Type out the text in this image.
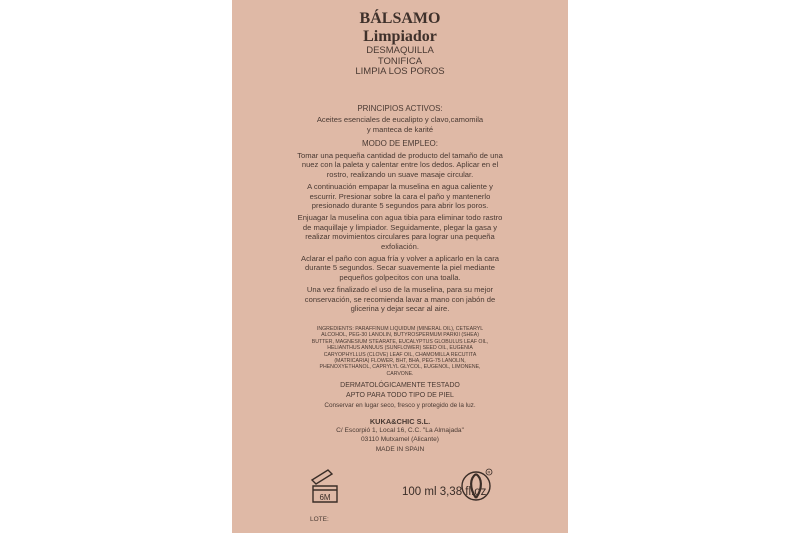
BÁLSAMO
Limpiador
DESMAQUILLA
TONIFICA
LIMPIA LOS POROS
PRINCIPIOS ACTIVOS:
Aceites esenciales de eucalipto y clavo,camomila
y manteca de karité
MODO DE EMPLEO:

Tomar una pequeña cantidad de producto del tamaño de una nuez con la paleta y calentar entre los dedos. Aplicar en el rostro, realizando un suave masaje circular.

A continuación empapar la muselina en agua caliente y escurrir. Presionar sobre la cara el paño y mantenerlo presionado durante 5 segundos para abrir los poros.

Enjuagar la muselina con agua tibia para eliminar todo rastro de maquillaje y limpiador. Seguidamente, plegar la gasa y realizar movimientos circulares para lograr una pequeña exfoliación.

Aclarar el paño con agua fría y volver a aplicarlo en la cara durante 5 segundos. Secar suavemente la piel mediante pequeños golpecitos con una toalla.

Una vez finalizado el uso de la muselina, para su mejor conservación, se recomienda lavar a mano con jabón de glicerina y dejar secar al aire.

INGREDIENTS: PARAFFINUM LIQUIDUM (MINERAL OIL), CETEARYL ALCOHOL, PEG-30 LANOLIN, BUTYROSPERMUM PARKII (SHEA) BUTTER, MAGNESIUM STEARATE, EUCALYPTUS GLOBULUS LEAF OIL, HELIANTHUS ANNUUS (SUNFLOWER) SEED OIL, EUGENIA CARYOPHYLLUS (CLOVE) LEAF OIL, CHAMOMILLA RECUTITA (MATRICARIA) FLOWER, BHT, BHA, PEG-75 LANOLIN, PHENOXYETHANOL, CAPRYLYL GLYCOL, EUGENOL, LIMONENE, CARVONE.
DERMATOLÓGICAMENTE TESTADO
APTO PARA TODO TIPO DE PIEL
Conservar en lugar seco, fresco y protegido de la luz.
KUKA&CHIC S.L.
C/ Escorpió 1, Local 16, C.C. "La Almajada"
03110 Mutxamel (Alicante)
MADE IN SPAIN
6M	100 ml 3,38 fl.oz
R
LOTE:
